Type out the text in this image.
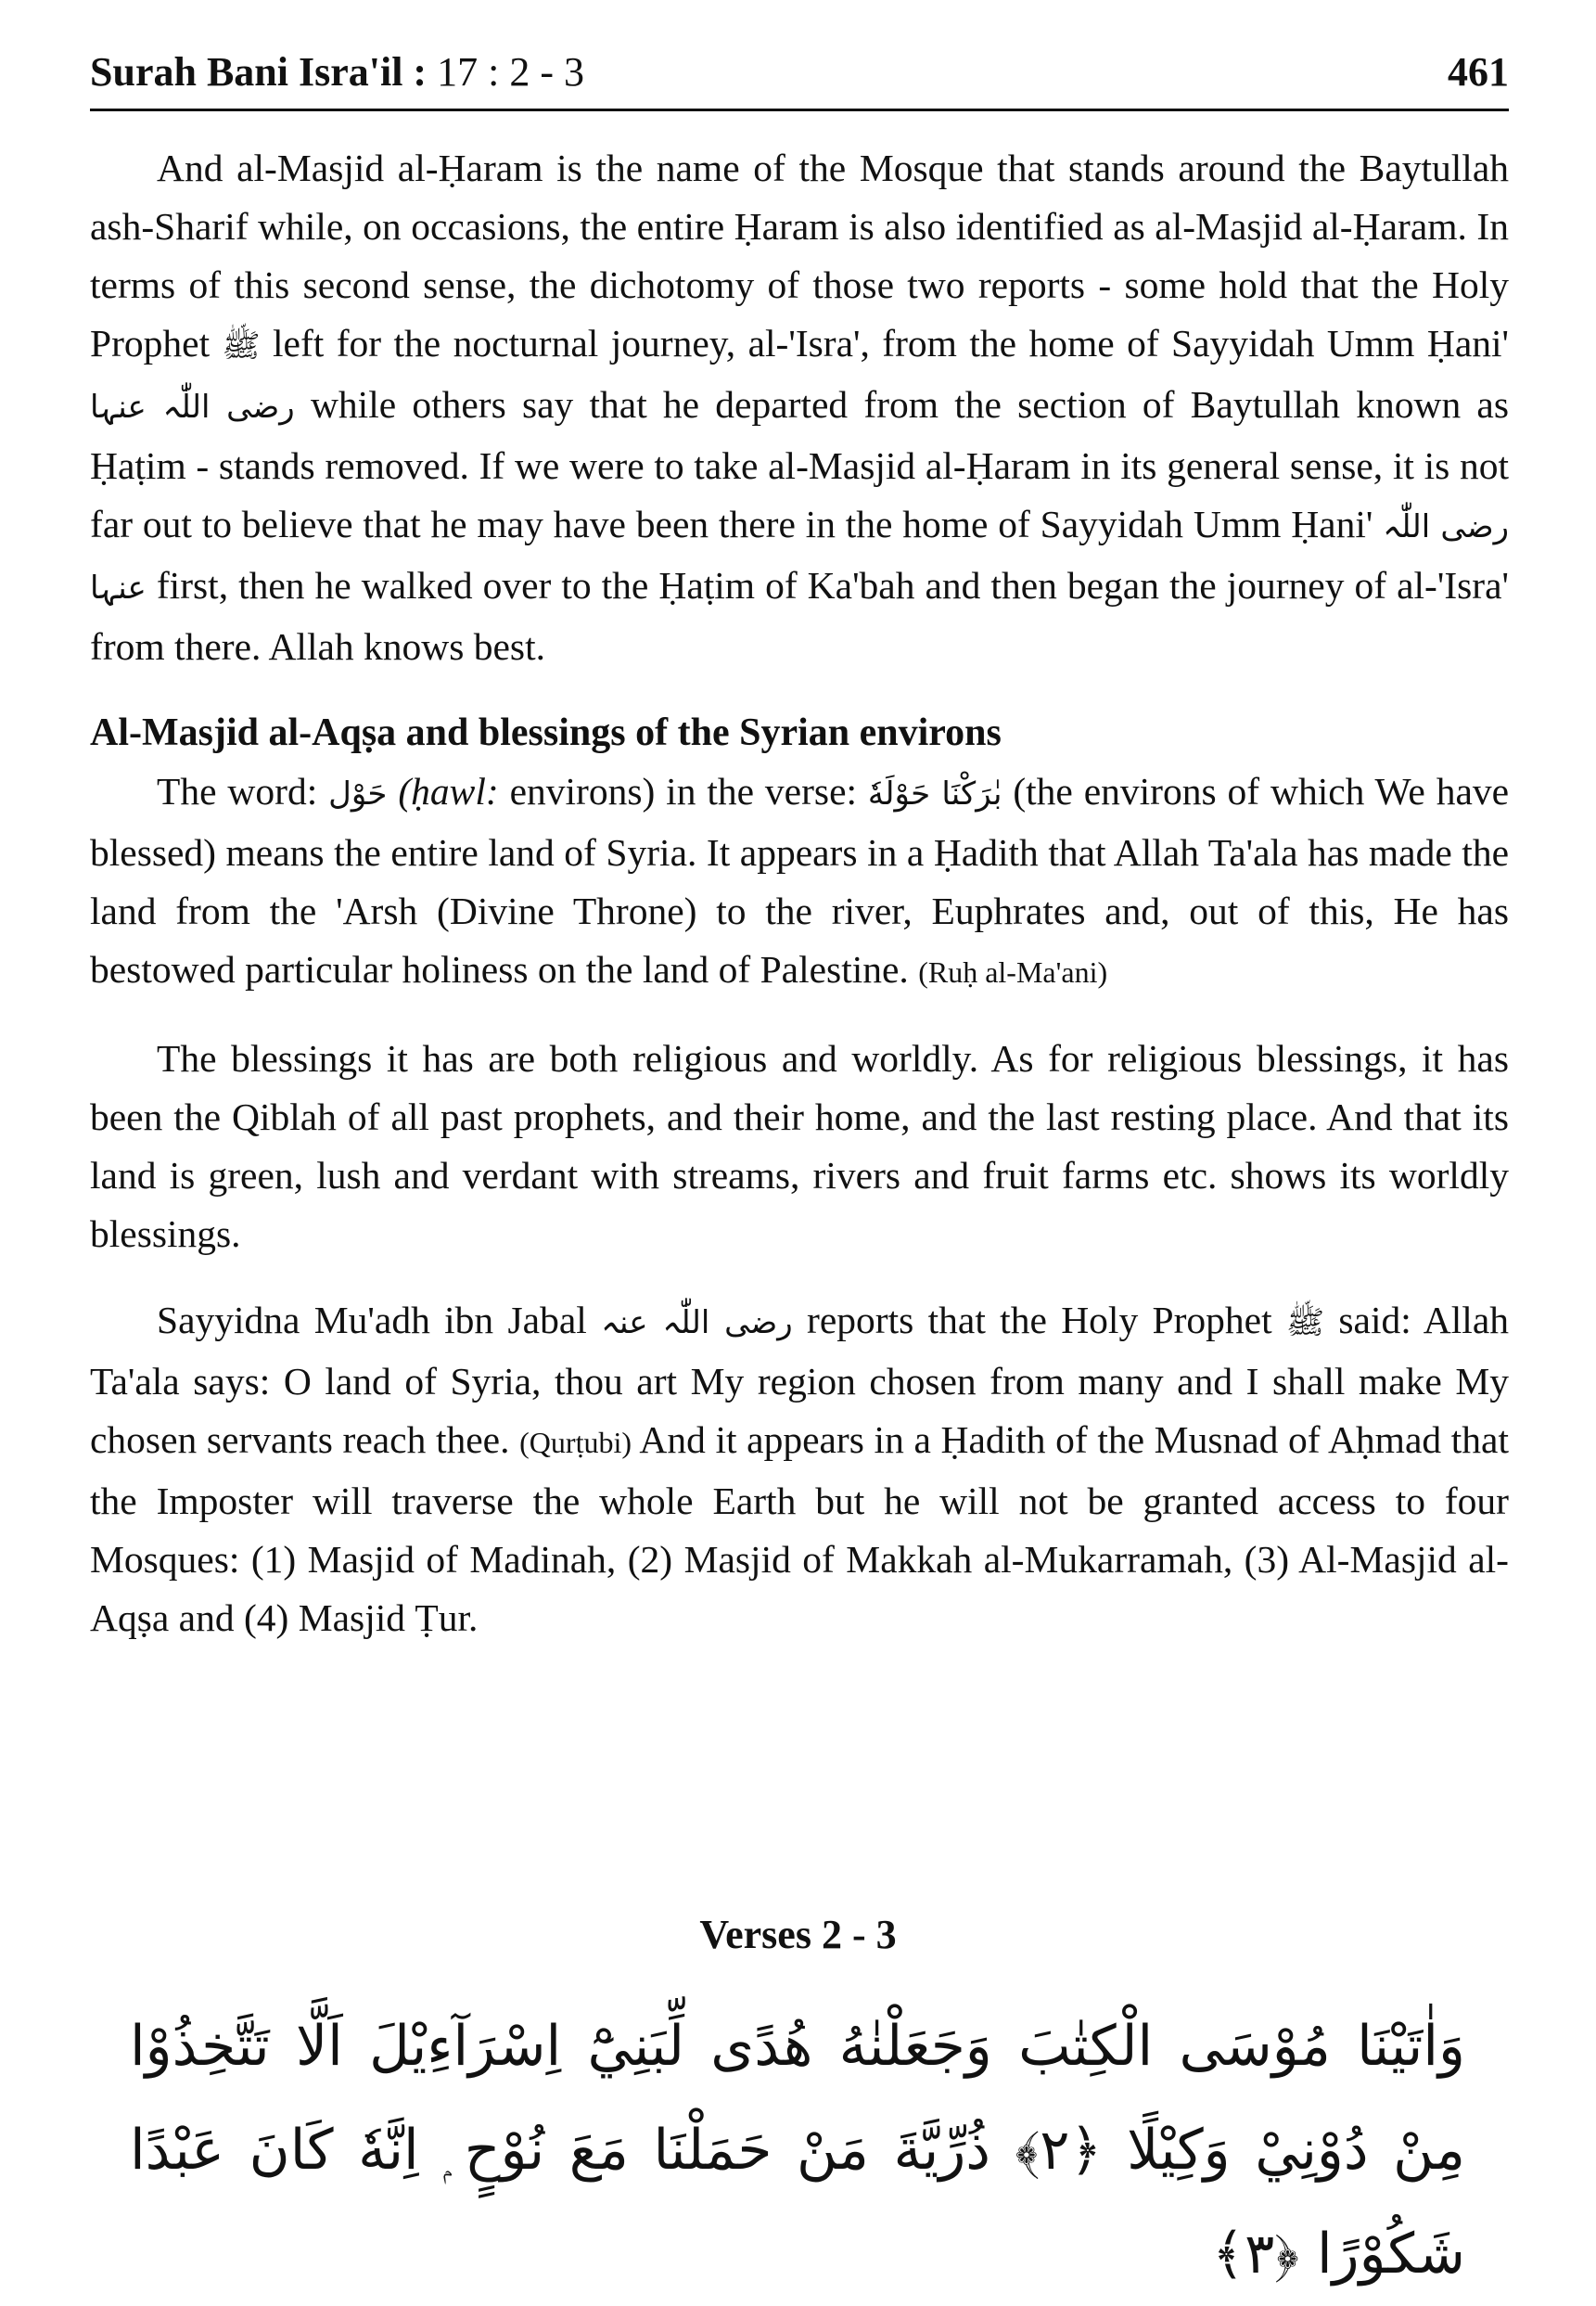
Surah Bani Isra'il : 17 : 2 - 3	461

And al-Masjid al-Ḥaram is the name of the Mosque that stands around the Baytullah ash-Sharif while, on occasions, the entire Ḥaram is also identified as al-Masjid al-Ḥaram. In terms of this second sense, the dichotomy of those two reports - some hold that the Holy Prophet ﷺ left for the nocturnal journey, al-'Isra', from the home of Sayyidah Umm Ḥani' رضی اللّٰہ عنہا while others say that he departed from the section of Baytullah known as Ḥaṭim - stands removed. If we were to take al-Masjid al-Ḥaram in its general sense, it is not far out to believe that he may have been there in the home of Sayyidah Umm Ḥani' رضی اللّٰہ عنہا first, then he walked over to the Ḥaṭim of Ka'bah and then began the journey of al-'Isra' from there. Allah knows best.

Al-Masjid al-Aqṣa and blessings of the Syrian environs

The word: حَوْل (ḥawl: environs) in the verse: بٰرَكْنَا حَوْلَهٗ (the environs of which We have blessed) means the entire land of Syria. It appears in a Ḥadith that Allah Ta'ala has made the land from the 'Arsh (Divine Throne) to the river, Euphrates and, out of this, He has bestowed particular holiness on the land of Palestine. (Ruḥ al-Ma'ani)

The blessings it has are both religious and worldly. As for religious blessings, it has been the Qiblah of all past prophets, and their home, and the last resting place. And that its land is green, lush and verdant with streams, rivers and fruit farms etc. shows its worldly blessings.

Sayyidna Mu'adh ibn Jabal رضی اللّٰہ عنہ reports that the Holy Prophet ﷺ said: Allah Ta'ala says: O land of Syria, thou art My region chosen from many and I shall make My chosen servants reach thee. (Qurṭubi) And it appears in a Ḥadith of the Musnad of Aḥmad that the Imposter will traverse the whole Earth but he will not be granted access to four Mosques: (1) Masjid of Madinah, (2) Masjid of Makkah al-Mukarramah, (3) Al-Masjid al-Aqṣa and (4) Masjid Ṭur.

Verses 2 - 3
وَاٰتَيْنَا مُوْسَى الْكِتٰبَ وَجَعَلْنٰهُ هُدًى لِّبَنِيْٓ اِسْرَآءِيْلَ اَلَّا تَتَّخِذُوْا مِنْ دُوْنِيْ وَكِيْلًا ﴿٢﴾ ذُرِّيَّةَ مَنْ حَمَلْنَا مَعَ نُوْحٍ ۭ اِنَّهٗ كَانَ عَبْدًا شَكُوْرًا ﴿٣﴾
